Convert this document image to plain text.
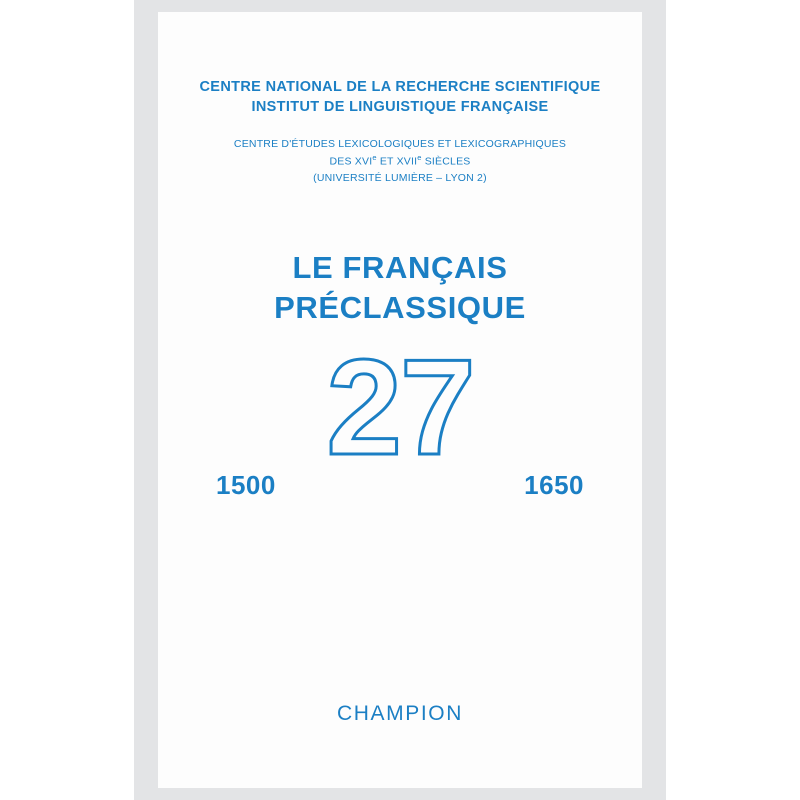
CENTRE NATIONAL DE LA RECHERCHE SCIENTIFIQUE
INSTITUT DE LINGUISTIQUE FRANÇAISE
CENTRE D'ÉTUDES LEXICOLOGIQUES ET LEXICOGRAPHIQUES
DES XVIe ET XVIIe SIÈCLES
(UNIVERSITÉ LUMIÈRE – LYON 2)
LE FRANÇAIS
PRÉCLASSIQUE
27
1500	1650
CHAMPION
